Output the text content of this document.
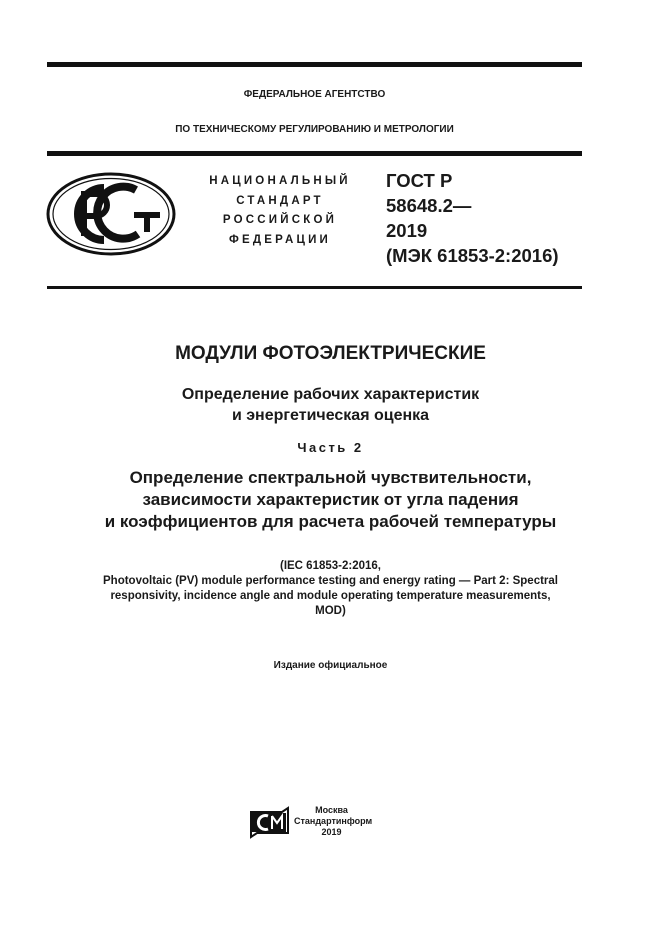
ФЕДЕРАЛЬНОЕ АГЕНТСТВО
ПО ТЕХНИЧЕСКОМУ РЕГУЛИРОВАНИЮ И МЕТРОЛОГИИ
НАЦИОНАЛЬНЫЙ
СТАНДАРТ
РОССИЙСКОЙ
ФЕДЕРАЦИИ
ГОСТ Р
58648.2—
2019
(МЭК 61853-2:2016)
МОДУЛИ ФОТОЭЛЕКТРИЧЕСКИЕ
Определение рабочих характеристик
и энергетическая оценка
Часть 2
Определение спектральной чувствительности,
зависимости характеристик от угла падения
и коэффициентов для расчета рабочей температуры
(IEC 61853-2:2016,
Photovoltaic (PV) module performance testing and energy rating — Part 2: Spectral
responsivity, incidence angle and module operating temperature measurements,
MOD)
Издание официальное
Москва
Стандартинформ
2019
